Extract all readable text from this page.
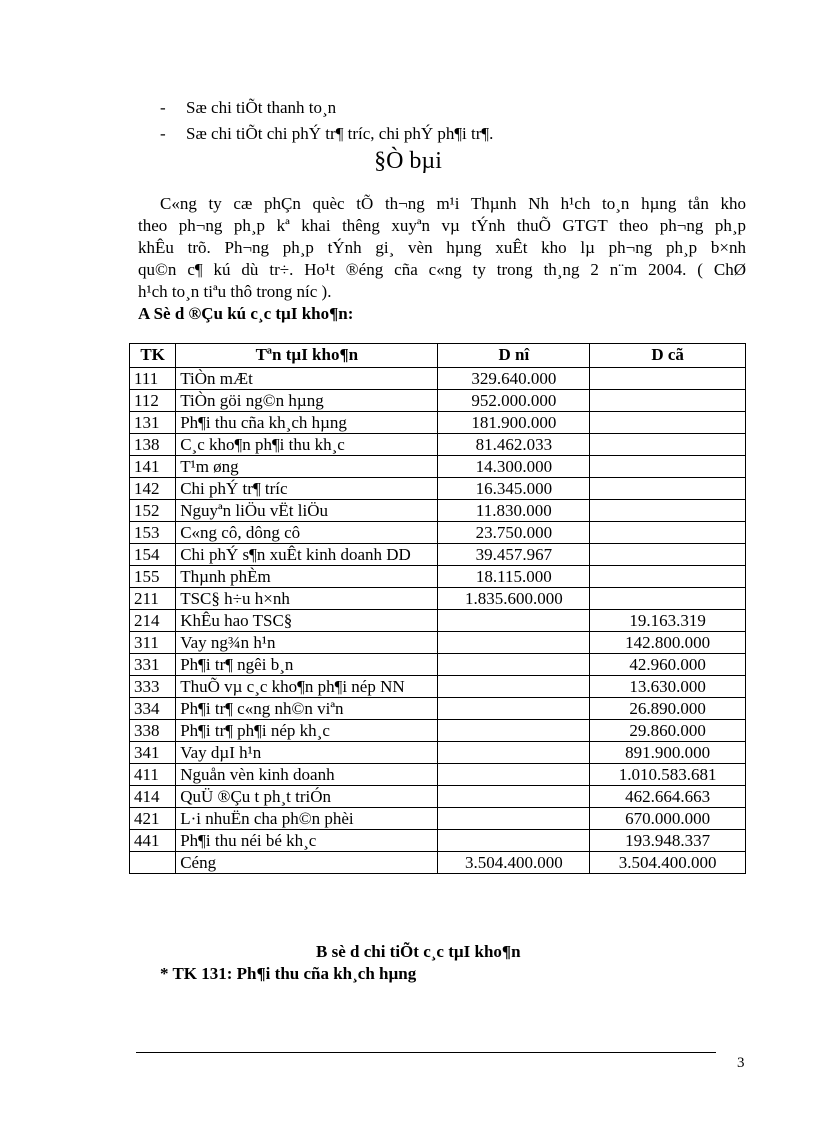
- Sæ chi tiÕt thanh to¸n
- Sæ chi tiÕt chi phÝ tr¶ tríc, chi phÝ ph¶i tr¶.
§Ò bµi
C«ng ty cæ phÇn quèc tÕ th¬ng m¹i Thµnh Nh h¹ch to¸n hµng tån kho
theo ph¬ng ph¸p kª khai thêng xuyªn vµ tÝnh thuÕ GTGT theo ph¬ng ph¸p
khÊu trõ. Ph¬ng ph¸p tÝnh gi¸ vèn hµng xuÊt kho lµ ph¬ng ph¸p b×nh
qu©n c¶ kú dù tr÷. Ho¹t ®éng cña c«ng ty trong th¸ng 2 n¨m 2004. ( ChØ
h¹ch to¸n tiªu thô trong níc ).
A Sè d ®Çu kú c¸c tµI kho¶n:
TK	Tªn tµI kho¶n	D nî	D cã
111	TiÒn mÆt	329.640.000	
112	TiÒn göi ng©n hµng	952.000.000	
131	Ph¶i thu cña kh¸ch hµng	181.900.000	
138	C¸c kho¶n ph¶i thu kh¸c	81.462.033	
141	T¹m øng	14.300.000	
142	Chi phÝ tr¶ tríc	16.345.000	
152	Nguyªn liÖu vËt liÖu	11.830.000	
153	C«ng cô, dông cô	23.750.000	
154	Chi phÝ s¶n xuÊt kinh doanh DD	39.457.967	
155	Thµnh phÈm	18.115.000	
211	TSC§ h÷u h×nh	1.835.600.000	
214	KhÊu hao TSC§		19.163.319
311	Vay ng¾n h¹n		142.800.000
331	Ph¶i tr¶ ngêi b¸n		42.960.000
333	ThuÕ vµ c¸c kho¶n ph¶i nép NN		13.630.000
334	Ph¶i tr¶ c«ng nh©n viªn		26.890.000
338	Ph¶i tr¶ ph¶i nép kh¸c		29.860.000
341	Vay dµI h¹n		891.900.000
411	Nguån vèn kinh doanh		1.010.583.681
414	QuÜ ®Çu t ph¸t triÓn		462.664.663
421	L·i nhuËn cha ph©n phèi		670.000.000
441	Ph¶i thu néi bé kh¸c		193.948.337
	Céng	3.504.400.000	3.504.400.000
B sè d chi tiÕt c¸c tµI kho¶n
* TK 131: Ph¶i thu cña kh¸ch hµng
3
